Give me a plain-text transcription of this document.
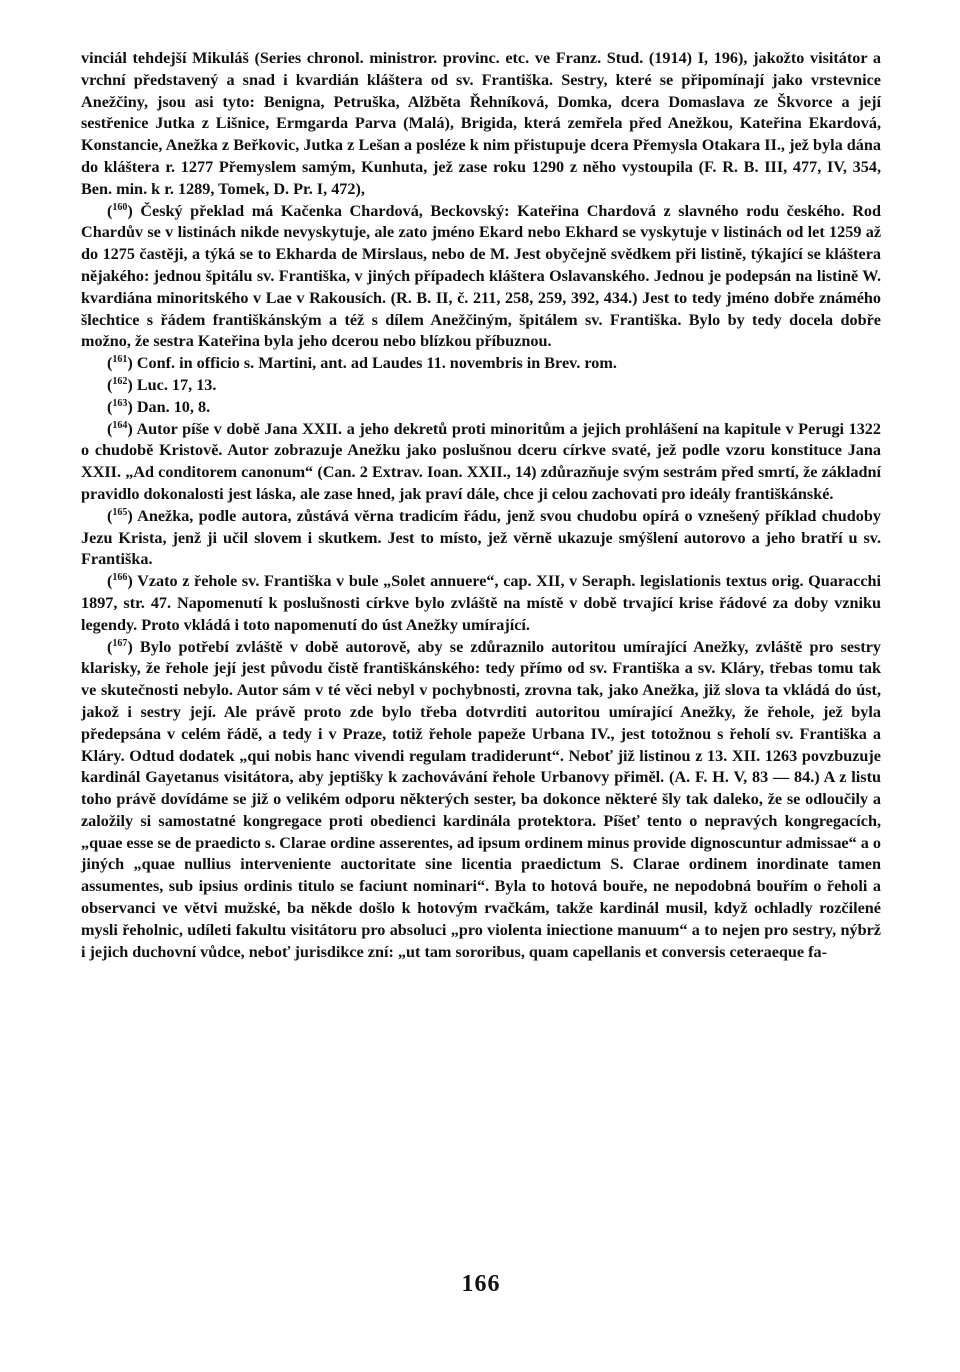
vinciál tehdejší Mikuláš (Series chronol. ministror. provinc. etc. ve Franz. Stud. (1914) I, 196), jakožto visitátor a vrchní představený a snad i kvardián kláštera od sv. Františka. Sestry, které se připomínají jako vrstevnice Anežčiny, jsou asi tyto: Benigna, Petruška, Alžběta Řehníková, Domka, dcera Domaslava ze Škvorce a její sestřenice Jutka z Lišnice, Ermgarda Parva (Malá), Brigida, která zemřela před Anežkou, Kateřina Ekardová, Konstancie, Anežka z Beřkovic, Jutka z Lešan a posléze k nim přistupuje dcera Přemysla Otakara II., jež byla dána do kláštera r. 1277 Přemyslem samým, Kunhuta, jež zase roku 1290 z něho vystoupila (F. R. B. III, 477, IV, 354, Ben. min. k r. 1289, Tomek, D. Pr. I, 472),

($^{160}$) Český překlad má Kačenka Chardová, Beckovský: Kateřina Chardová z slavného rodu českého. Rod Chardův se v listinách nikde nevyskytuje, ale zato jméno Ekard nebo Ekhard se vyskytuje v listinách od let 1259 až do 1275 častěji, a týká se to Ekharda de Mirslaus, nebo de M. Jest obyčejně svědkem při listině, týkající se kláštera nějakého: jednou špitálu sv. Františka, v jiných případech kláštera Oslavanského. Jednou je podepsán na listině W. kvardiána minoritského v Lae v Rakousích. (R. B. II, č. 211, 258, 259, 392, 434.) Jest to tedy jméno dobře známého šlechtice s řádem františkánským a též s dílem Anežčiným, špitálem sv. Františka. Bylo by tedy docela dobře možno, že sestra Kateřina byla jeho dcerou nebo blízkou příbuznou.

($^{161}$) Conf. in officio s. Martini, ant. ad Laudes 11. novembris in Brev. rom.

($^{162}$) Luc. 17, 13.

($^{163}$) Dan. 10, 8.

($^{164}$) Autor píše v době Jana XXII. a jeho dekretů proti minoritům a jejich prohlášení na kapitule v Perugi 1322 o chudobě Kristově. Autor zobrazuje Anežku jako poslušnou dceru církve svaté, jež podle vzoru konstituce Jana XXII. „Ad conditorem canonum“ (Can. 2 Extrav. Ioan. XXII., 14) zdůrazňuje svým sestrám před smrtí, že základní pravidlo dokonalosti jest láska, ale zase hned, jak praví dále, chce ji celou zachovati pro ideály františkánské.

($^{165}$) Anežka, podle autora, zůstává věrna tradicím řádu, jenž svou chudobu opírá o vznešený příklad chudoby Jezu Krista, jenž ji učil slovem i skutkem. Jest to místo, jež věrně ukazuje smýšlení autorovo a jeho bratří u sv. Františka.

($^{166}$) Vzato z řehole sv. Františka v bule „Solet annuere“, cap. XII, v Seraph. legislationis textus orig. Quaracchi 1897, str. 47. Napomenutí k poslušnosti církve bylo zvláště na místě v době trvající krise řádové za doby vzniku legendy. Proto vkládá i toto napomenutí do úst Anežky umírající.

($^{167}$) Bylo potřebí zvláště v době autorově, aby se zdůraznilo autoritou umírající Anežky, zvláště pro sestry klarisky, že řehole její jest původu čistě františkánského: tedy přímo od sv. Františka a sv. Kláry, třebas tomu tak ve skutečnosti nebylo. Autor sám v té věci nebyl v pochybnosti, zrovna tak, jako Anežka, již slova ta vkládá do úst, jakož i sestry její. Ale právě proto zde bylo třeba dotvrditi autoritou umírající Anežky, že řehole, jež byla předepsána v celém řádě, a tedy i v Praze, totiž řehole papeže Urbana IV., jest totožnou s řeholí sv. Františka a Kláry. Odtud dodatek „qui nobis hanc vivendi regulam tradiderunt“. Neboť již listinou z 13. XII. 1263 povzbuzuje kardinál Gayetanus visitátora, aby jeptišky k zachovávání řehole Urbanovy přiměl. (A. F. H. V, 83 — 84.) A z listu toho právě dovídáme se již o velikém odporu některých sester, ba dokonce některé šly tak daleko, že se odloučily a založily si samostatné kongregace proti obedienci kardinála protektora. Píšeť tento o nepravých kongregacích, „quae esse se de praedicto s. Clarae ordine asserentes, ad ipsum ordinem minus provide dignoscuntur admissae“ a o jiných „quae nullius interveniente auctoritate sine licentia praedictum S. Clarae ordinem inordinate tamen assumentes, sub ipsius ordinis titulo se faciunt nominari“. Byla to hotová bouře, ne nepodobná bouřím o řeholi a observanci ve větvi mužské, ba někde došlo k hotovým rvačkám, takže kardinál musil, když ochladly rozčilené mysli řeholnic, udíleti fakultu visitátoru pro absoluci „pro violenta iniectione manuum“ a to nejen pro sestry, nýbrž i jejich duchovní vůdce, neboť jurisdikce zní: „ut tam sororibus, quam capellanis et conversis ceteraeque fa-

166
